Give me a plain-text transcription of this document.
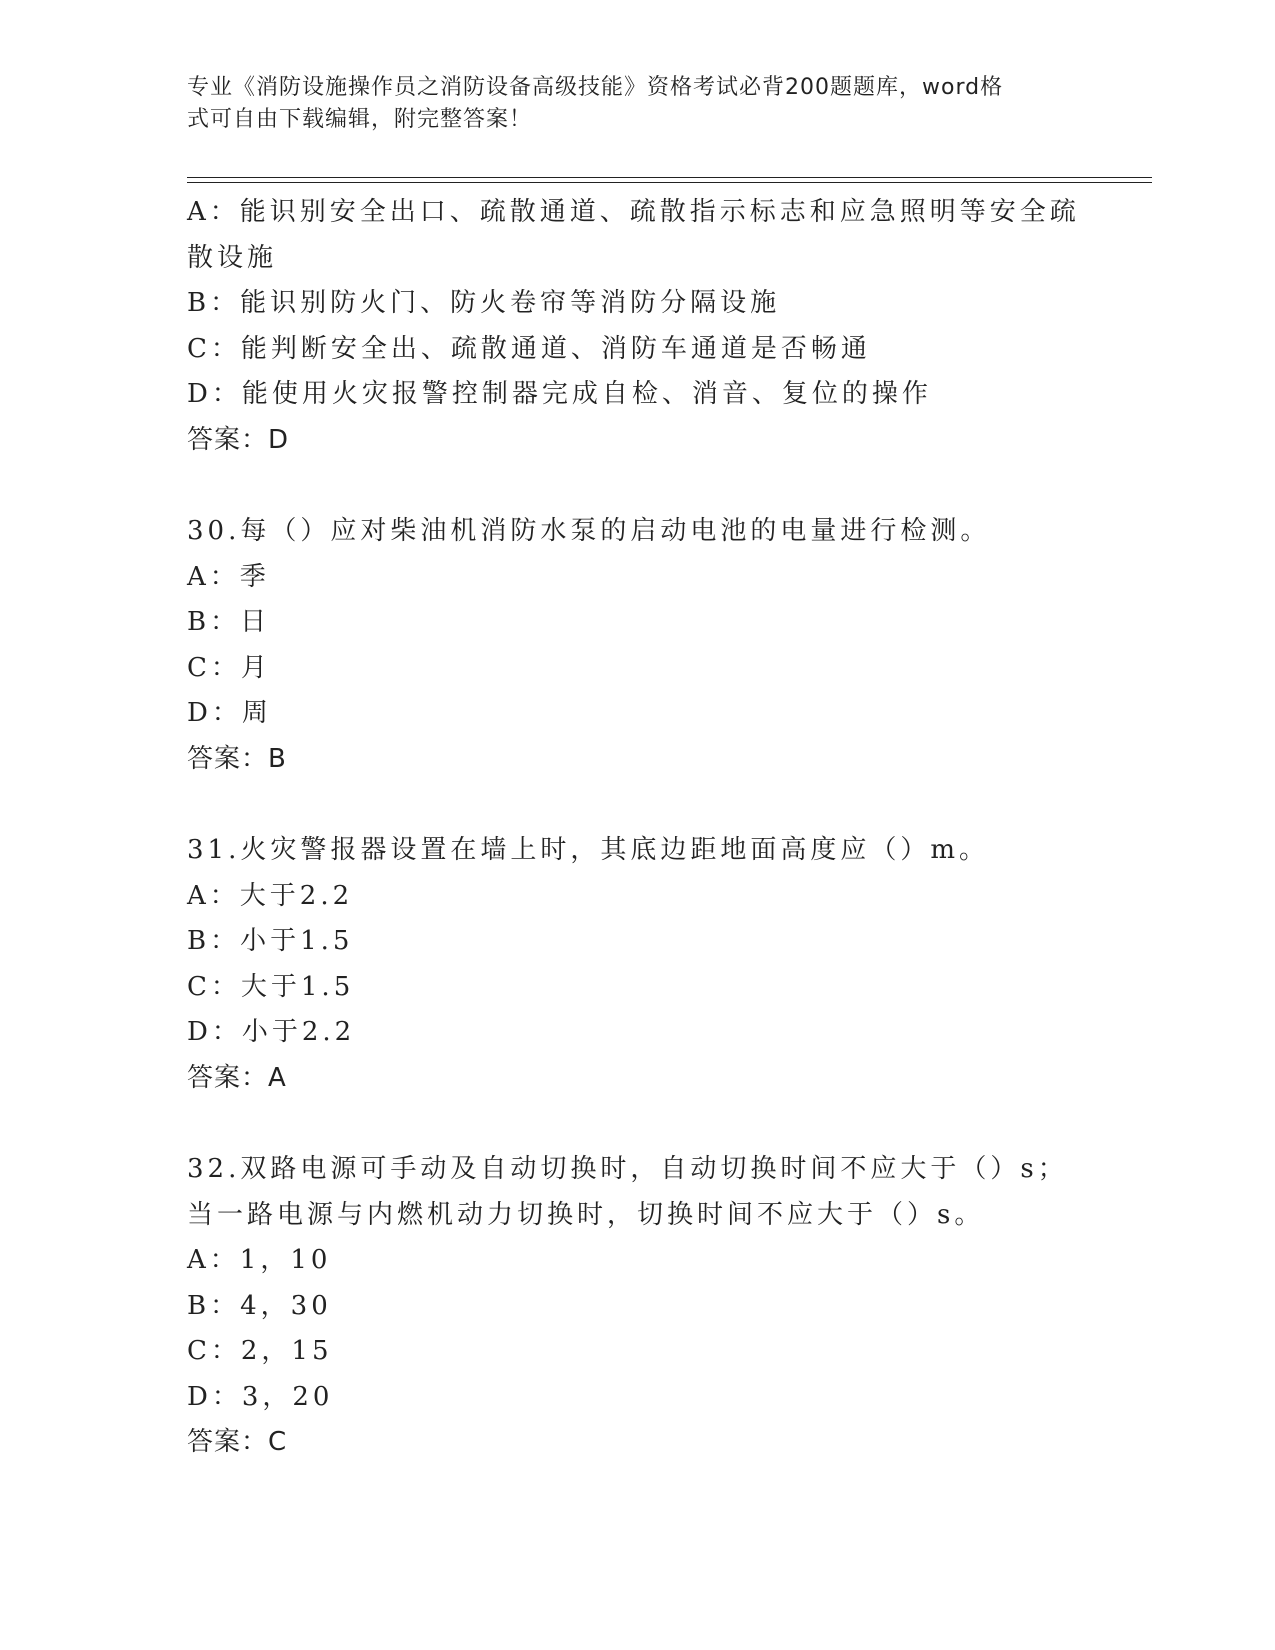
专业《消防设施操作员之消防设备高级技能》资格考试必背200题题库，word格
式可自由下载编辑，附完整答案！
A：能识别安全出口、疏散通道、疏散指示标志和应急照明等安全疏散设施
B：能识别防火门、防火卷帘等消防分隔设施
C：能判断安全出、疏散通道、消防车通道是否畅通
D：能使用火灾报警控制器完成自检、消音、复位的操作
答案：D
30.每（）应对柴油机消防水泵的启动电池的电量进行检测。
A：季
B：日
C：月
D：周
答案：B
31.火灾警报器设置在墙上时，其底边距地面高度应（）m。
A：大于2.2
B：小于1.5
C：大于1.5
D：小于2.2
答案：A
32.双路电源可手动及自动切换时，自动切换时间不应大于（）s；当一路电源与内燃机动力切换时，切换时间不应大于（）s。
A：1，10
B：4，30
C：2，15
D：3，20
答案：C
